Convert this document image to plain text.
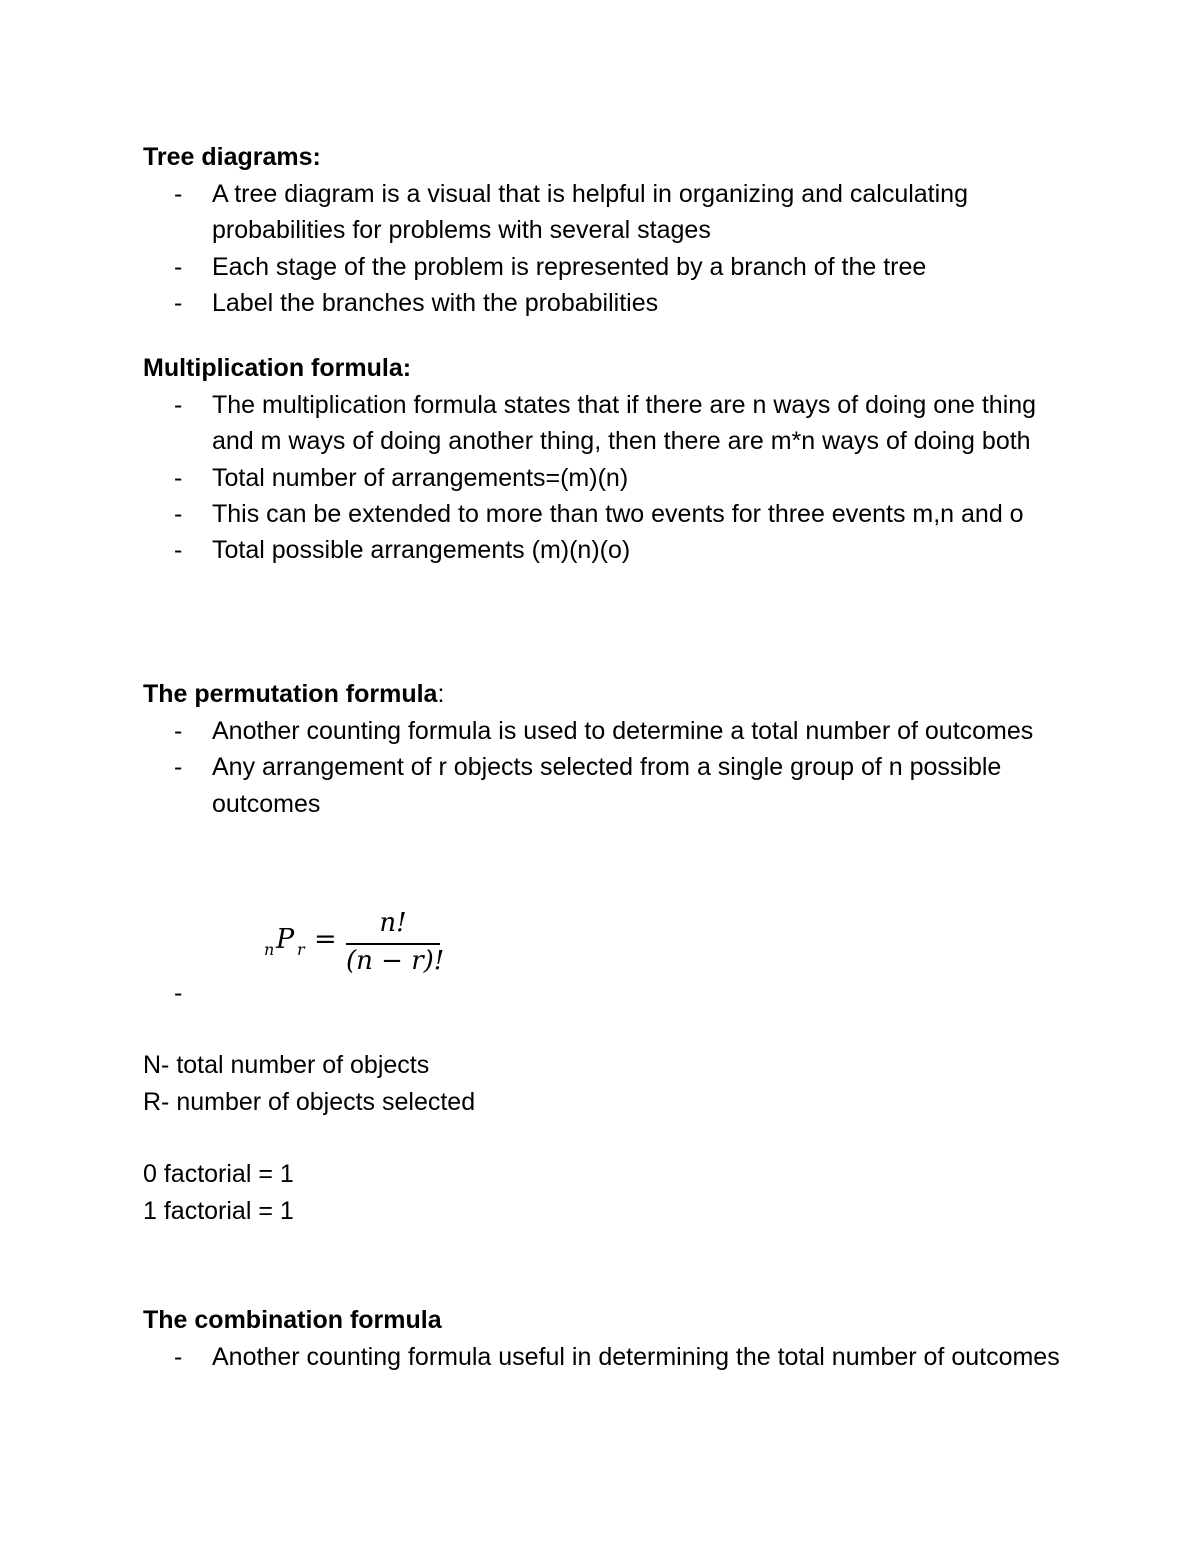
Tree diagrams:
- A tree diagram is a visual that is helpful in organizing and calculating probabilities for problems with several stages
- Each stage of the problem is represented by a branch of the tree
- Label the branches with the probabilities
Multiplication formula:
- The multiplication formula states that if there are n ways of doing one thing and m ways of doing another thing, then there are m*n ways of doing both
- Total number of arrangements=(m)(n)
- This can be extended to more than two events for three events m,n and o
- Total possible arrangements (m)(n)(o)
The permutation formula:
- Another counting formula is used to determine a total number of outcomes
- Any arrangement of r objects selected from a single group of n possible outcomes
n P r =
n!
(n − r)!
-
N- total number of objects
R- number of objects selected
0 factorial = 1
1 factorial = 1
The combination formula
- Another counting formula useful in determining the total number of outcomes
